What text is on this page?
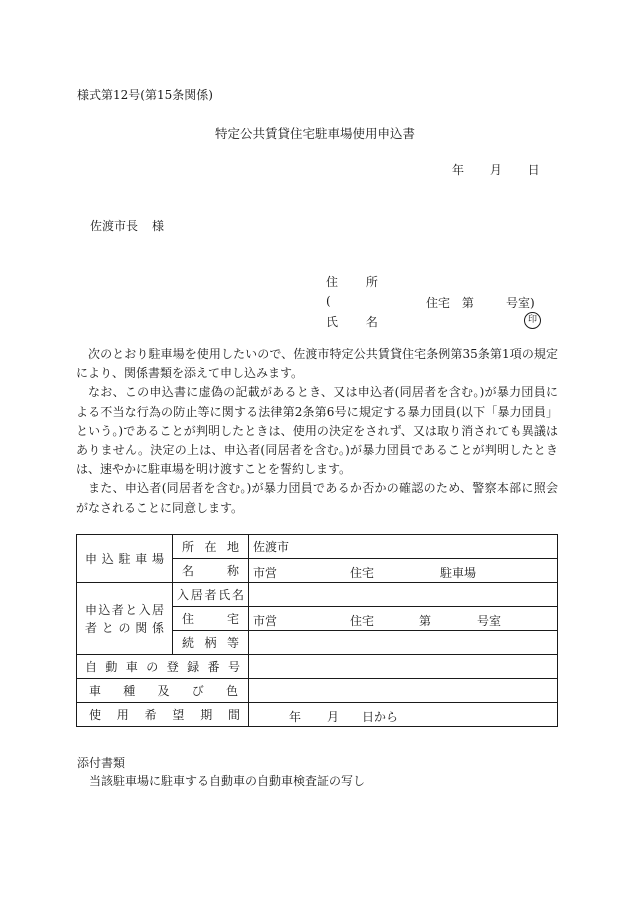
様式第12号(第15条関係)
特定公共賃貸住宅駐車場使用申込書
年 月 日
佐渡市長 様
住 所
(	住宅 第	号室)
氏 名	印

次のとおり駐車場を使用したいので、佐渡市特定公共賃貸住宅条例第35条第1項の規定により、関係書類を添えて申し込みます。

なお、この申込書に虚偽の記載があるとき、又は申込者(同居者を含む。)が暴力団員による不当な行為の防止等に関する法律第2条第6号に規定する暴力団員(以下「暴力団員」という。)であることが判明したときは、使用の決定をされず、又は取り消されても異議はありません。決定の上は、申込者(同居者を含む。)が暴力団員であることが判明したときは、速やかに駐車場を明け渡すことを誓約します。

また、申込者(同居者を含む。)が暴力団員であるか否かの確認のため、警察本部に照会がなされることに同意します。

申込駐車場	所在地	佐渡市
	名称	市営 住宅 駐車場

申込者と入居
者との関係	入居者氏名	
	住宅	市営 住宅 第 号室

	続柄等	
自動車の登録番号		
車種及び色		
使用希望期間		年 月 日から
添付書類
当該駐車場に駐車する自動車の自動車検査証の写し
